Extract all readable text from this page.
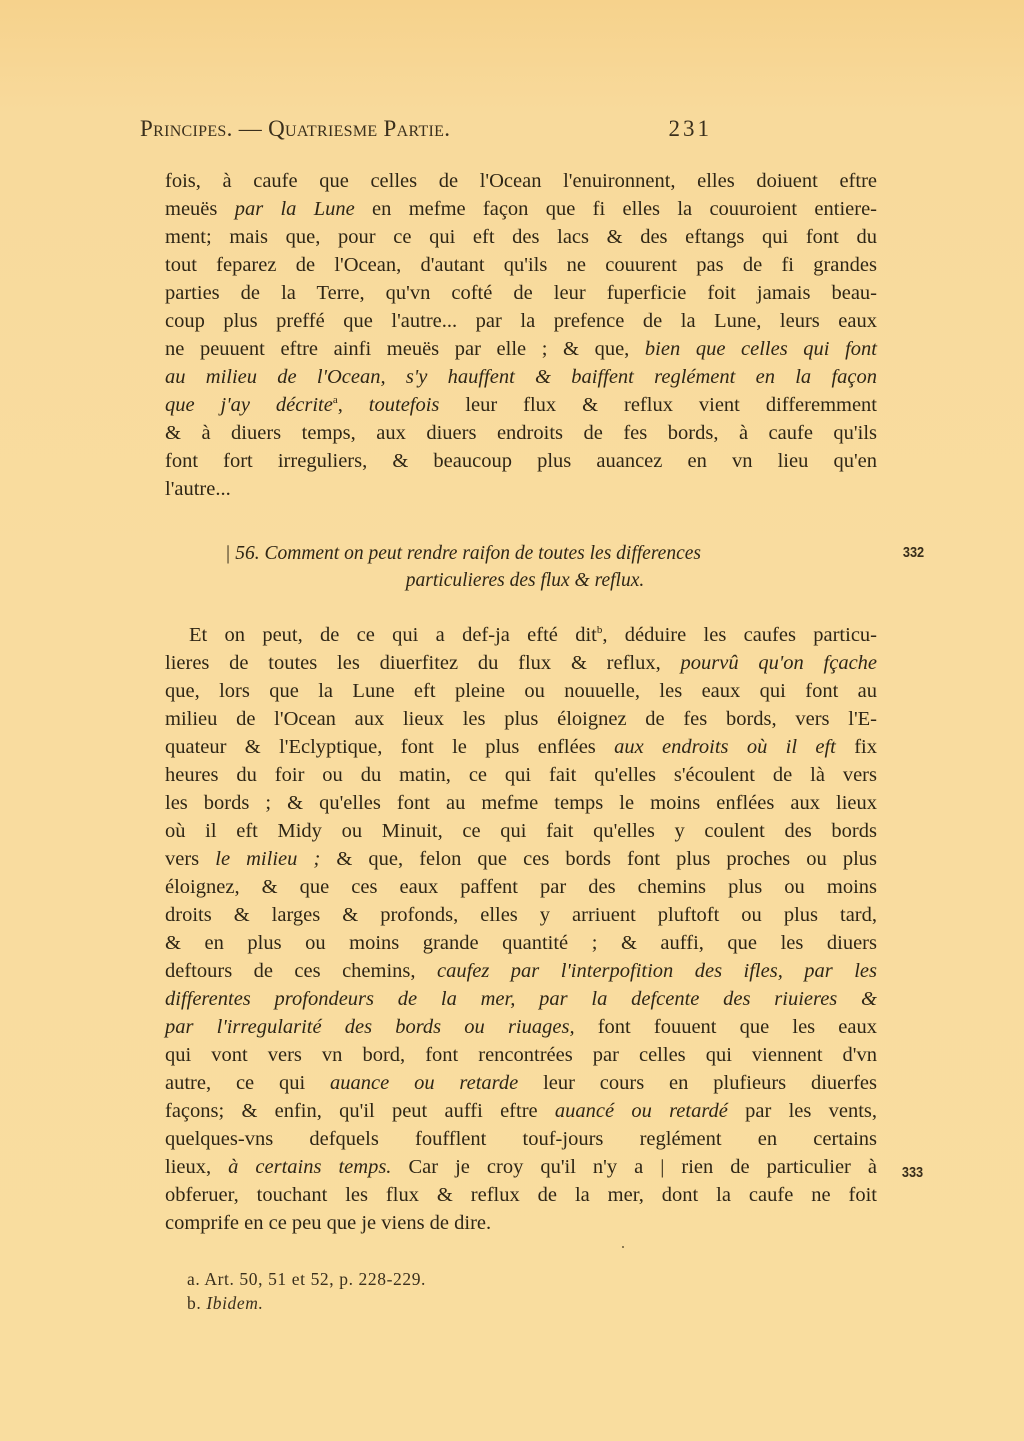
Principes. — Quatriesme Partie.	231

fois, à caufe que celles de l'Ocean l'enuironnent, elles doiuent eftre
meuës par la Lune en mefme façon que fi elles la couuroient entiere-
ment; mais que, pour ce qui eft des lacs & des eftangs qui font du
tout feparez de l'Ocean, d'autant qu'ils ne couurent pas de fi grandes
parties de la Terre, qu'vn cofté de leur fuperficie foit jamais beau-
coup plus preffé que l'autre... par la prefence de la Lune, leurs eaux
ne peuuent eftre ainfi meuës par elle ; & que, bien que celles qui font
au milieu de l'Ocean, s'y hauffent & baiffent reglément en la façon
que j'ay décrite$^a$, toutefois leur flux & reflux vient differemment
& à diuers temps, aux diuers endroits de fes bords, à caufe qu'ils
font fort irreguliers, & beaucoup plus auancez en vn lieu qu'en
l'autre...

| 56. Comment on peut rendre raifon de toutes les differences
particulieres des flux & reflux.

Et on peut, de ce qui a def-ja efté dit$^b$, déduire les caufes particu-
lieres de toutes les diuerfitez du flux & reflux, pourvû qu'on fçache
que, lors que la Lune eft pleine ou nouuelle, les eaux qui font au
milieu de l'Ocean aux lieux les plus éloignez de fes bords, vers l'E-
quateur & l'Eclyptique, font le plus enflées aux endroits où il eft fix
heures du foir ou du matin, ce qui fait qu'elles s'écoulent de là vers
les bords ; & qu'elles font au mefme temps le moins enflées aux lieux
où il eft Midy ou Minuit, ce qui fait qu'elles y coulent des bords
vers le milieu ; & que, felon que ces bords font plus proches ou plus
éloignez, & que ces eaux paffent par des chemins plus ou moins
droits & larges & profonds, elles y arriuent pluftoft ou plus tard,
& en plus ou moins grande quantité ; & auffi, que les diuers
deftours de ces chemins, caufez par l'interpofition des ifles, par les
differentes profondeurs de la mer, par la defcente des riuieres &
par l'irregularité des bords ou riuages, font fouuent que les eaux
qui vont vers vn bord, font rencontrées par celles qui viennent d'vn
autre, ce qui auance ou retarde leur cours en plufieurs diuerfes
façons; & enfin, qu'il peut auffi eftre auancé ou retardé par les vents,
quelques-vns defquels foufflent touf-jours reglément en certains
lieux, à certains temps. Car je croy qu'il n'y a | rien de particulier à
obferuer, touchant les flux & reflux de la mer, dont la caufe ne foit
comprife en ce peu que je viens de dire.

332
333
a. Art. 50, 51 et 52, p. 228-229.
b. Ibidem.
